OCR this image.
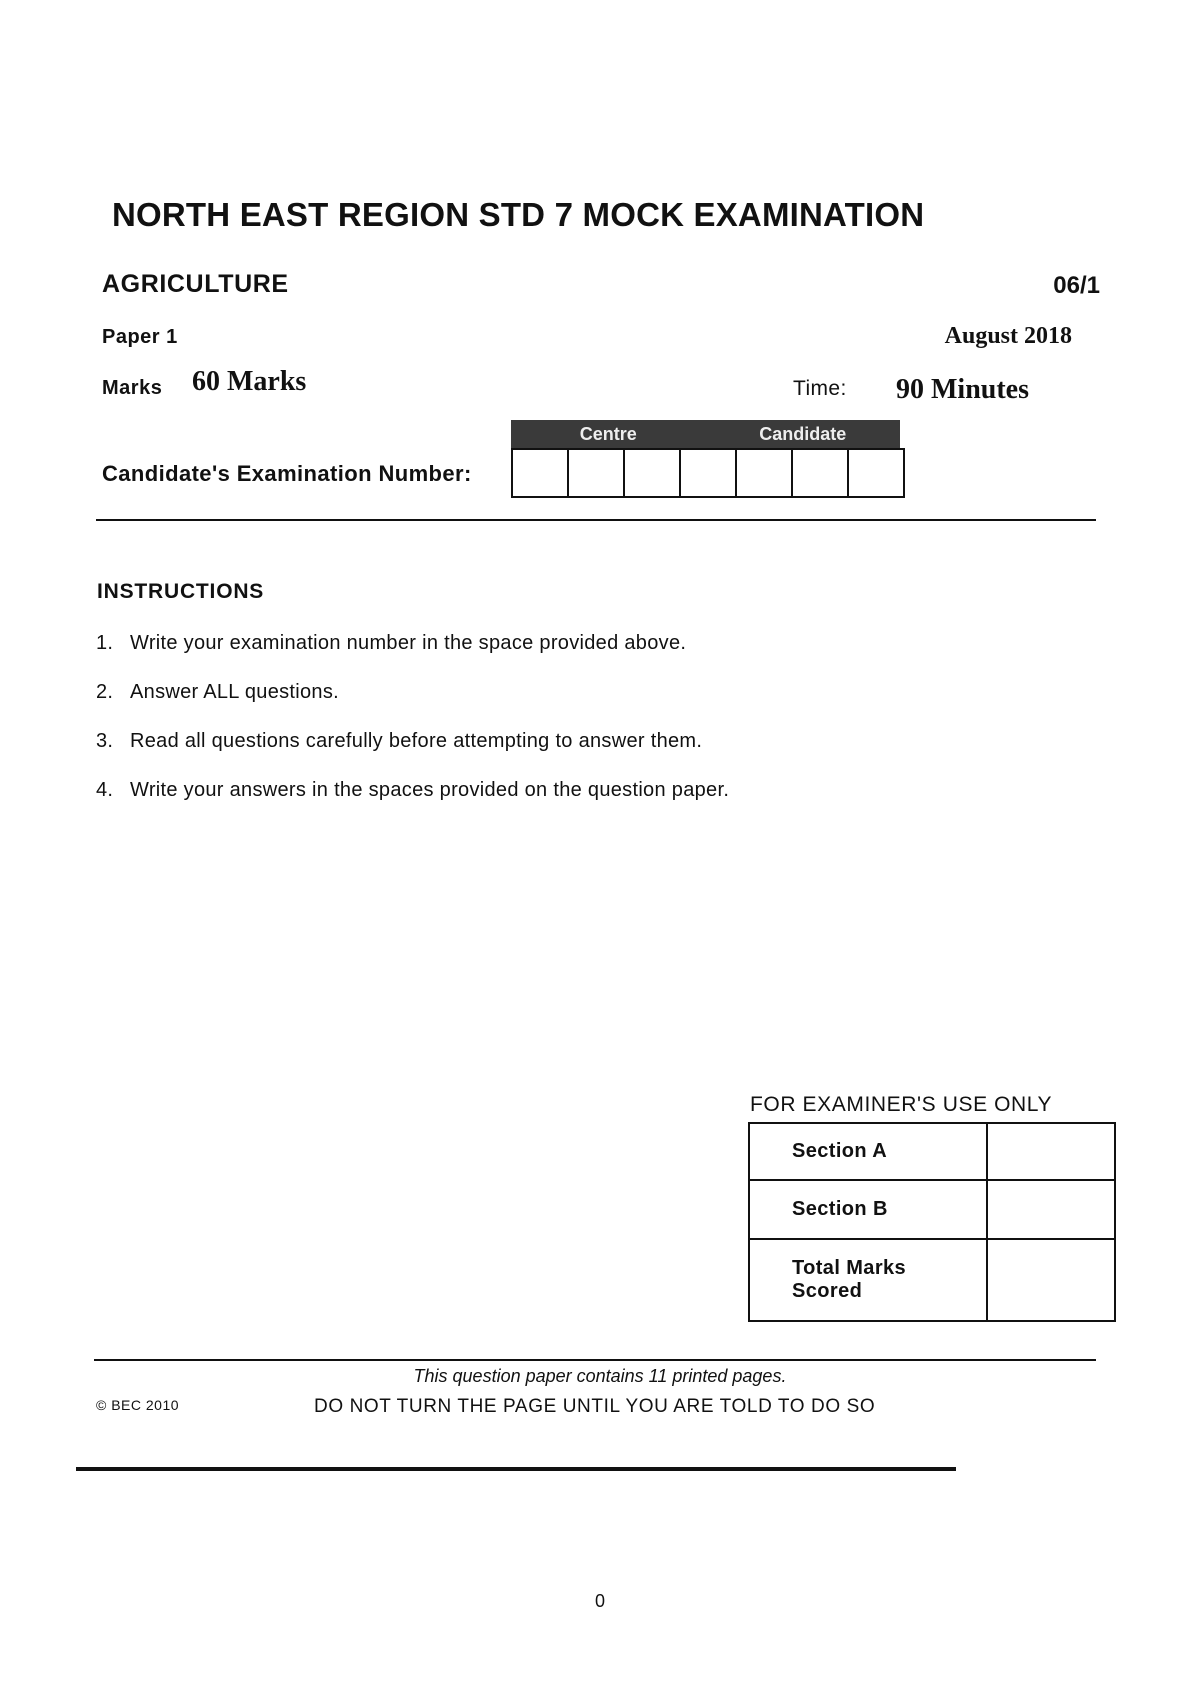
NORTH EAST REGION STD 7 MOCK EXAMINATION
AGRICULTURE	06/1
Paper 1	August 2018
Marks 60 Marks	Time: 90 Minutes
Candidate's Examination Number:
Centre	Candidate
INSTRUCTIONS
1. Write your examination number in the space provided above.
2. Answer ALL questions.
3. Read all questions carefully before attempting to answer them.
4. Write your answers in the spaces provided on the question paper.
FOR EXAMINER'S USE ONLY
Section A	
Section B	
Total Marks Scored	
This question paper contains 11 printed pages.
© BEC 2010	DO NOT TURN THE PAGE UNTIL YOU ARE TOLD TO DO SO
0
